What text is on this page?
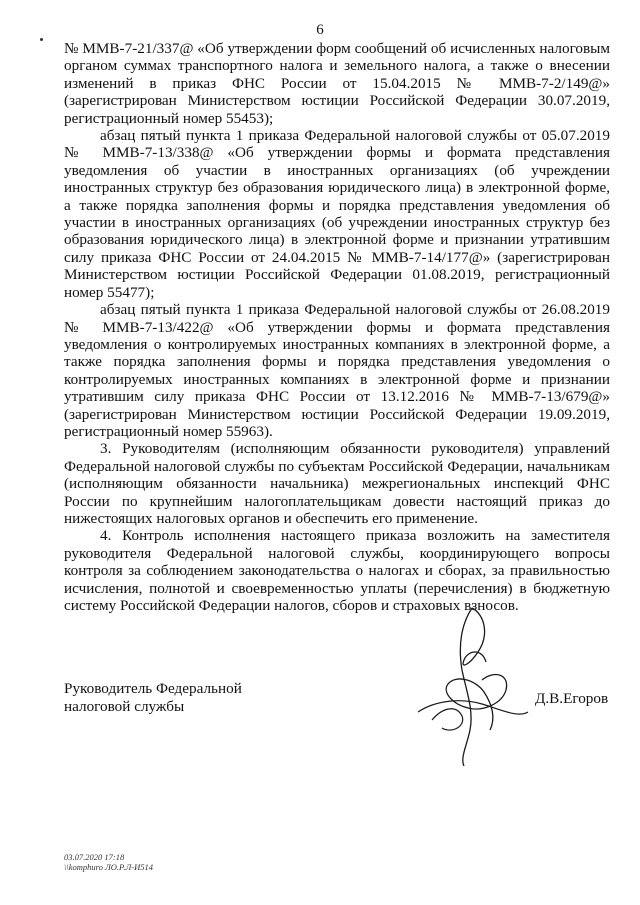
6

№ ММВ-7-21/337@ «Об утверждении форм сообщений об исчисленных налоговым органом суммах транспортного налога и земельного налога, а также о внесении изменений в приказ ФНС России от 15.04.2015 № ММВ-7-2/149@» (зарегистрирован Министерством юстиции Российской Федерации 30.07.2019, регистрационный номер 55453);

абзац пятый пункта 1 приказа Федеральной налоговой службы от 05.07.2019 № ММВ-7-13/338@ «Об утверждении формы и формата представления уведомления об участии в иностранных организациях (об учреждении иностранных структур без образования юридического лица) в электронной форме, а также порядка заполнения формы и порядка представления уведомления об участии в иностранных организациях (об учреждении иностранных структур без образования юридического лица) в электронной форме и признании утратившим силу приказа ФНС России от 24.04.2015 № ММВ-7-14/177@» (зарегистрирован Министерством юстиции Российской Федерации 01.08.2019, регистрационный номер 55477);

абзац пятый пункта 1 приказа Федеральной налоговой службы от 26.08.2019 № ММВ-7-13/422@ «Об утверждении формы и формата представления уведомления о контролируемых иностранных компаниях в электронной форме, а также порядка заполнения формы и порядка представления уведомления о контролируемых иностранных компаниях в электронной форме и признании утратившим силу приказа ФНС России от 13.12.2016 № ММВ-7-13/679@» (зарегистрирован Министерством юстиции Российской Федерации 19.09.2019, регистрационный номер 55963).

3. Руководителям (исполняющим обязанности руководителя) управлений Федеральной налоговой службы по субъектам Российской Федерации, начальникам (исполняющим обязанности начальника) межрегиональных инспекций ФНС России по крупнейшим налогоплательщикам довести настоящий приказ до нижестоящих налоговых органов и обеспечить его применение.

4. Контроль исполнения настоящего приказа возложить на заместителя руководителя Федеральной налоговой службы, координирующего вопросы контроля за соблюдением законодательства о налогах и сборах, за правильностью исчисления, полнотой и своевременностью уплаты (перечисления) в бюджетную систему Российской Федерации налогов, сборов и страховых взносов.

Руководитель Федеральной
налоговой службы	Д.В.Егоров
03.07.2020 17:18
\\komphuro ЛО.Р.Л-И514
